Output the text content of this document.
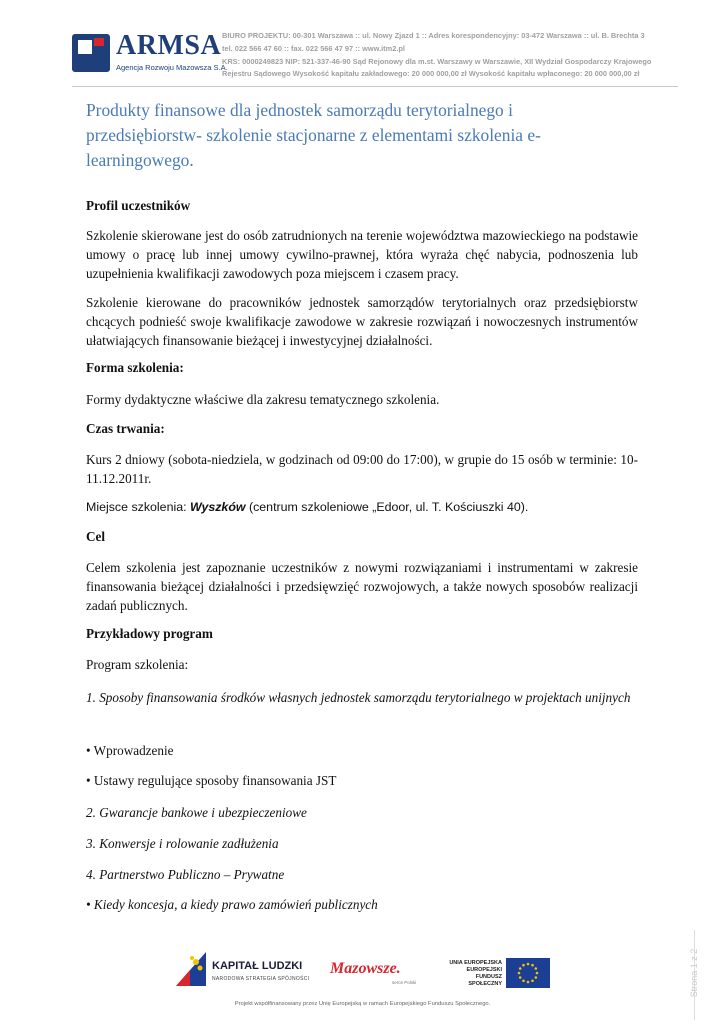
ARMSA
Agencja Rozwoju Mazowsza S.A.
BIURO PROJEKTU: 00-301 Warszawa :: ul. Nowy Zjazd 1 :: Adres korespondencyjny: 03-472 Warszawa :: ul. B. Brechta 3
tel. 022 566 47 60 :: fax. 022 566 47 97 :: www.itm2.pl
KRS: 0000249823 NIP: 521-337-46-90 Sąd Rejonowy dla m.st. Warszawy w Warszawie, XII Wydział Gospodarczy Krajowego
Rejestru Sądowego Wysokość kapitału zakładowego: 20 000 000,00 zł Wysokość kapitału wpłaconego: 20 000 000,00 zł
Produkty finansowe dla jednostek samorządu terytorialnego i przedsiębiorstw- szkolenie stacjonarne z elementami szkolenia e-learningowego.
Profil uczestników
Szkolenie skierowane jest do osób zatrudnionych na terenie województwa mazowieckiego na podstawie umowy o pracę lub innej umowy cywilno-prawnej, która wyraża chęć nabycia, podnoszenia lub uzupełnienia kwalifikacji zawodowych poza miejscem i czasem pracy.
Szkolenie kierowane do pracowników jednostek samorządów terytorialnych oraz przedsiębiorstw chcących podnieść swoje kwalifikacje zawodowe w zakresie rozwiązań i nowoczesnych instrumentów ułatwiających finansowanie bieżącej i inwestycyjnej działalności.
Forma szkolenia:
Formy dydaktyczne właściwe dla zakresu tematycznego szkolenia.
Czas trwania:
Kurs 2 dniowy (sobota-niedziela, w godzinach od 09:00 do 17:00), w grupie do 15 osób w terminie: 10-11.12.2011r.
Miejsce szkolenia: Wyszków (centrum szkoleniowe „Edoor, ul. T. Kościuszki 40).
Cel
Celem szkolenia jest zapoznanie uczestników z nowymi rozwiązaniami i instrumentami w zakresie finansowania bieżącej działalności i przedsięwzięć rozwojowych, a także nowych sposobów realizacji zadań publicznych.
Przykładowy program
Program szkolenia:
1. Sposoby finansowania środków własnych jednostek samorządu terytorialnego w projektach unijnych
• Wprowadzenie
• Ustawy regulujące sposoby finansowania JST
2. Gwarancje bankowe i ubezpieczeniowe
3. Konwersje i rolowanie zadłużenia
4. Partnerstwo Publiczno – Prywatne
• Kiedy koncesja, a kiedy prawo zamówień publicznych
Strona 1 z 2
KAPITAŁ LUDZKI
NARODOWA STRATEGIA SPÓJNOŚCI
Mazowsze.
serce Polski
UNIA EUROPEJSKA EUROPEJSKI FUNDUSZ SPOŁECZNY
Projekt współfinansowany przez Unię Europejską w ramach Europejskiego Funduszu Społecznego.
